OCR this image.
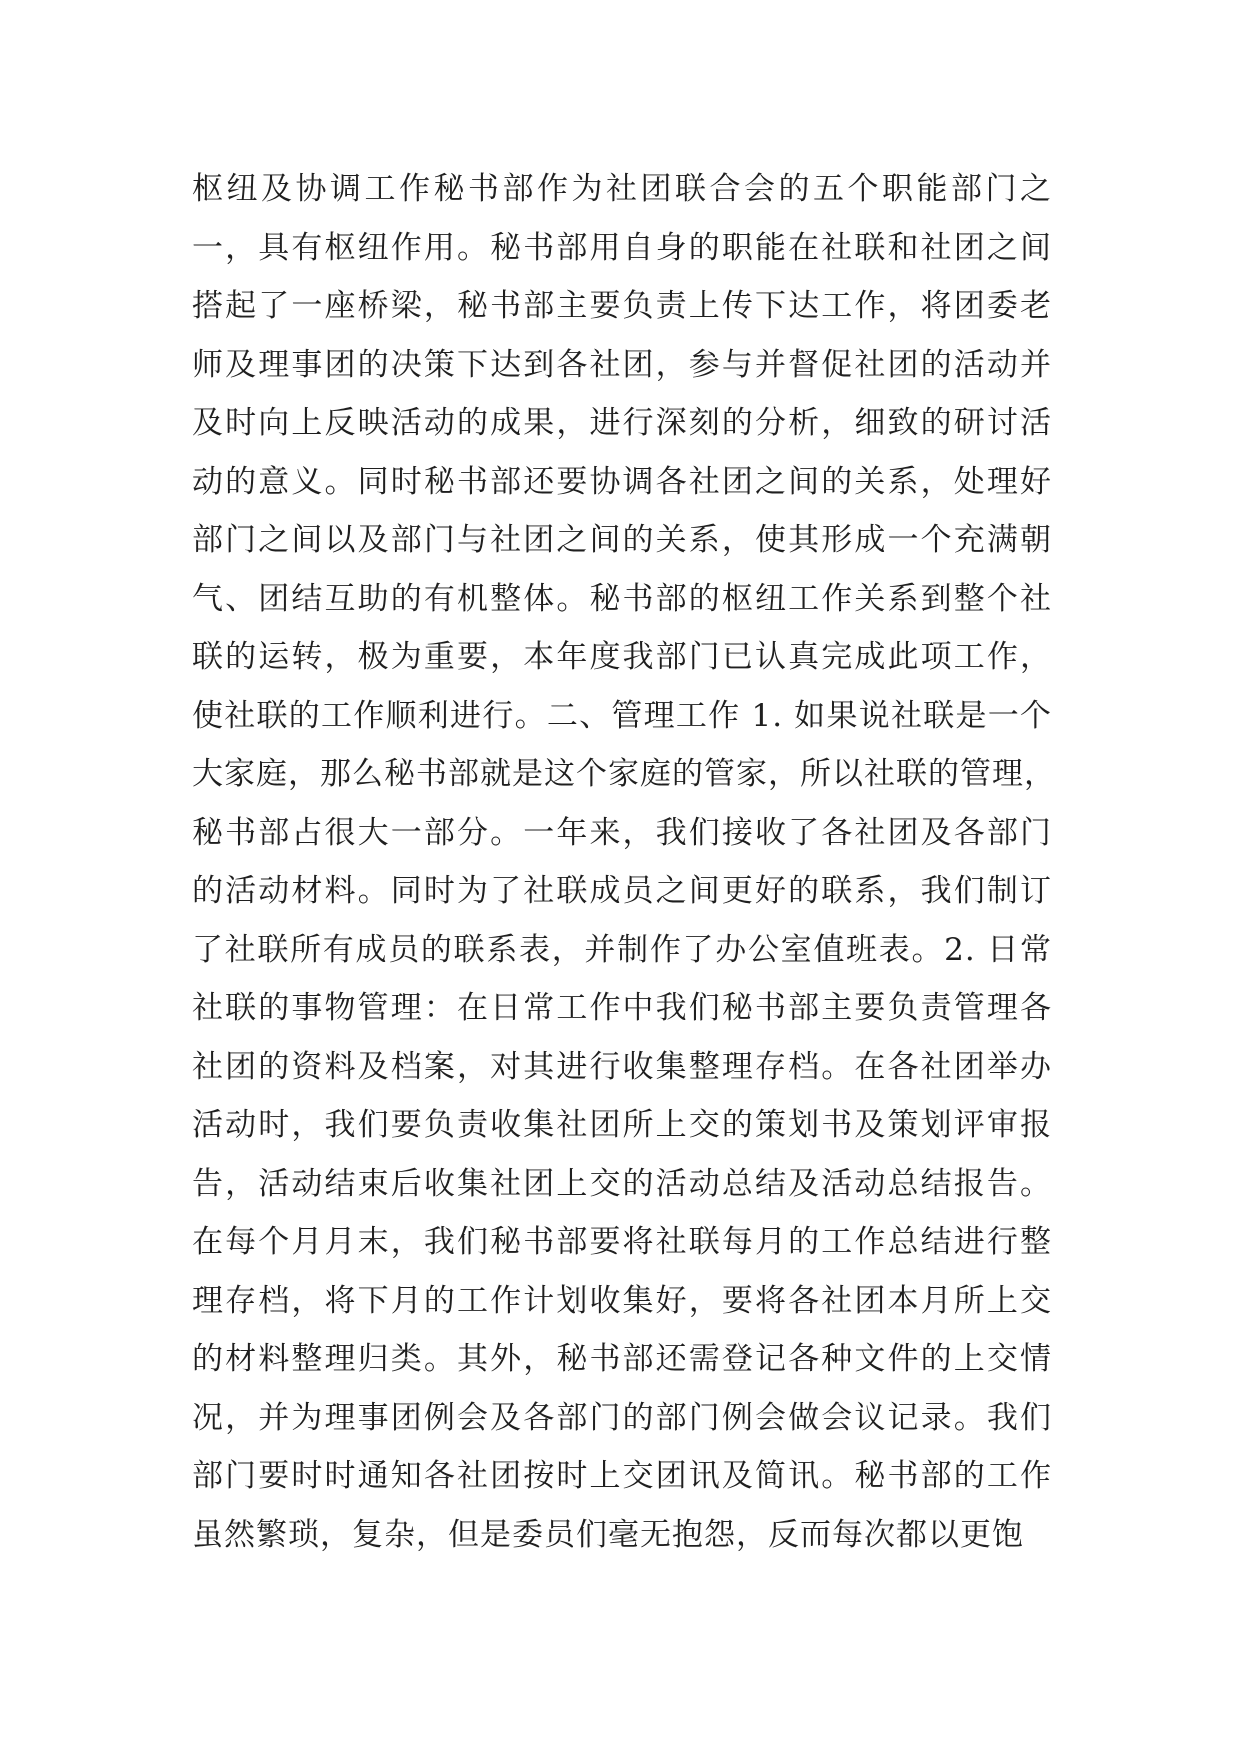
枢纽及协调工作秘书部作为社团联合会的五个职能部门之
一，具有枢纽作用。秘书部用自身的职能在社联和社团之间
搭起了一座桥梁，秘书部主要负责上传下达工作，将团委老
师及理事团的决策下达到各社团，参与并督促社团的活动并
及时向上反映活动的成果，进行深刻的分析，细致的研讨活
动的意义。同时秘书部还要协调各社团之间的关系，处理好
部门之间以及部门与社团之间的关系，使其形成一个充满朝
气、团结互助的有机整体。秘书部的枢纽工作关系到整个社
联的运转，极为重要，本年度我部门已认真完成此项工作，
使社联的工作顺利进行。二、管理工作 1. 如果说社联是一个
大家庭，那么秘书部就是这个家庭的管家，所以社联的管理，
秘书部占很大一部分。一年来，我们接收了各社团及各部门
的活动材料。同时为了社联成员之间更好的联系，我们制订
了社联所有成员的联系表，并制作了办公室值班表。2. 日常
社联的事物管理：在日常工作中我们秘书部主要负责管理各
社团的资料及档案，对其进行收集整理存档。在各社团举办
活动时，我们要负责收集社团所上交的策划书及策划评审报
告，活动结束后收集社团上交的活动总结及活动总结报告。
在每个月月末，我们秘书部要将社联每月的工作总结进行整
理存档，将下月的工作计划收集好，要将各社团本月所上交
的材料整理归类。其外，秘书部还需登记各种文件的上交情
况，并为理事团例会及各部门的部门例会做会议记录。我们
部门要时时通知各社团按时上交团讯及简讯。秘书部的工作
虽然繁琐，复杂，但是委员们毫无抱怨，反而每次都以更饱
